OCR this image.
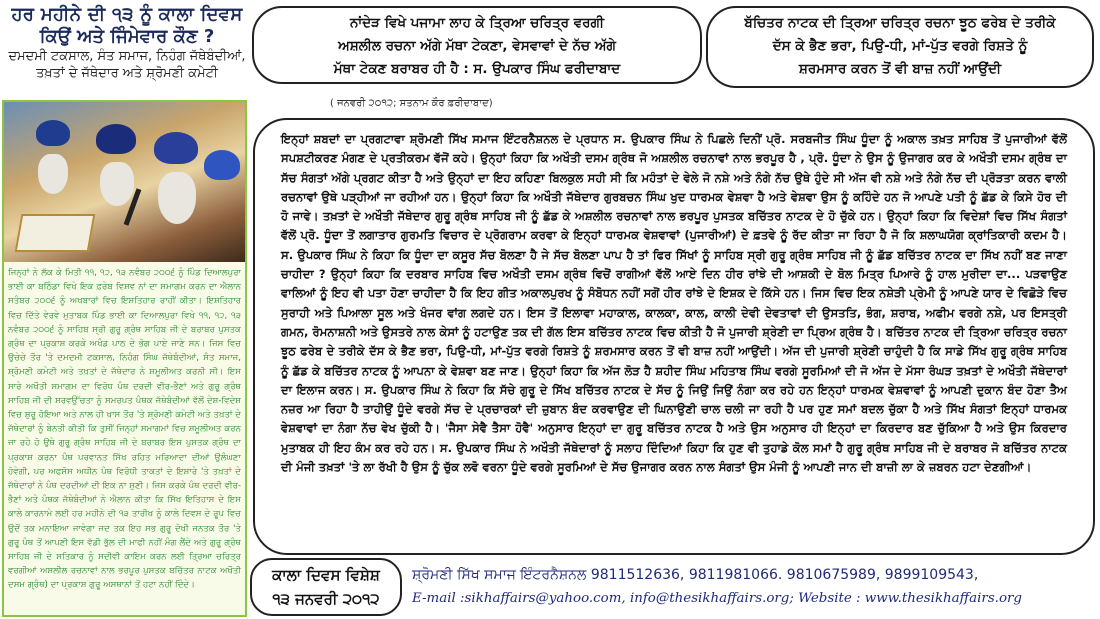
ਹਰ ਮਹੀਨੇ ਦੀ ੧੩ ਨੂੰ ਕਾਲਾ ਦਿਵਸ
ਕਿਉਂ ਅਤੇ ਜਿੰਮੇਵਾਰ ਕੌਣ ?
ਦਮਦਮੀ ਟਕਸਾਲ, ਸੰਤ ਸਮਾਜ, ਨਿਹੰਗ ਜੱਥੇਬੰਦੀਆਂ,
ਤਖ਼ਤਾਂ ਦੇ ਜੱਥੇਦਾਰ ਅਤੇ ਸ਼੍ਰੋਮਣੀ ਕਮੇਟੀ
ਜਿਨ੍ਹਾਂ ਨੇ ਲੱਕ ਕੇ ਮਿਤੀ ੧੧, ੧੨, ੧੩ ਨਵੰਬਰ ੨੦੦੬ ਨੂੰ ਪਿੰਡ ਦਿਆਲਪੁਰਾ ਭਾਈ ਕਾ ਬਠਿੰਡਾ ਵਿਖੇ ਇਕ ਫ਼ਰੇਬ ਵਿਸ਼ਵ ਨਾਂ ਦਾ ਸਮਾਗਮ ਕਰਨ ਦਾ ਐਲਾਨ ਸਤੰਬਰ ੨੦੦੬ ਨੂੰ ਅਖਬਾਰਾਂ ਵਿਚ ਇਸ਼ਤਿਹਾਰ ਰਾਹੀਂ ਕੀਤਾ। ਇਸ਼ਤਿਹਾਰ ਵਿਚ ਦਿੱਤੇ ਵੇਰਵੇ ਮੁਤਾਬਕ ਪਿੰਡ ਭਾਈ ਕਾ ਦਿਆਲਪੁਰਾ ਵਿਖੇ ੧੧, ੧੨, ੧੩ ਨਵੰਬਰ ੨੦੦੬ ਨੂੰ ਸਾਹਿਬ ਸ੍ਰੀ ਗੁਰੂ ਗ੍ਰੰਥ ਸਾਹਿਬ ਜੀ ਦੇ ਬਰਾਬਰ ਪੁਸਤਕ ਗ੍ਰੰਥ ਦਾ ਪ੍ਰਕਾਸ਼ ਕਰਕੇ ਅਖੰਡ ਪਾਠ ਦੇ ਭੋਗ ਪਾਏ ਜਾਣੇ ਸਨ। ਜਿਸ ਵਿਚ ਉਚੇਚੇ ਤੌਰ 'ਤੇ ਦਮਦਮੀ ਟਕਸਾਲ, ਨਿਹੰਗ ਸਿੰਘ ਜੱਥੇਬੰਦੀਆਂ, ਸੰਤ ਸਮਾਜ, ਸ਼੍ਰੋਮਣੀ ਕਮੇਟੀ ਅਤੇ ਤਖ਼ਤਾਂ ਦੇ ਜੱਥੇਦਾਰ ਨੇ ਸ਼ਮੂਲੀਅਤ ਕਰਨੀ ਸੀ। ਇਸ ਸਾਰੇ ਅਖੌਤੀ ਸਮਾਗਮ ਦਾ ਵਿਰੋਧ ਪੰਥ ਦਰਦੀ ਵੀਰ-ਭੈਣਾਂ ਅਤੇ ਗੁਰੂ ਗ੍ਰੰਥ ਸਾਹਿਬ ਜੀ ਦੀ ਸਰਵਉੱਚਤਾ ਨੂੰ ਸਮਰਪਤ ਪੰਥਕ ਜੱਥੇਬੰਦੀਆਂ ਵੱਲੋਂ ਦੇਸ਼-ਵਿਦੇਸ਼ ਵਿਚ ਸ਼ੁਰੂ ਹੋਇਆ ਅਤੇ ਨਾਲ ਹੀ ਖਾਸ ਤੌਰ 'ਤੇ ਸ਼੍ਰੋਮਣੀ ਕਮੇਟੀ ਅਤੇ ਤਖ਼ਤਾਂ ਦੇ ਜੱਥੇਦਾਰਾਂ ਨੂੰ ਬੇਨਤੀ ਕੀਤੀ ਕਿ ਤੁਸੀਂ ਜਿਨ੍ਹਾਂ ਸਮਾਗਮਾਂ ਵਿਚ ਸ਼ਮੂਲੀਅਤ ਕਰਨ ਜਾ ਰਹੇ ਹੋ ਉਥੇ ਗੁਰੂ ਗ੍ਰੰਥ ਸਾਹਿਬ ਜੀ ਦੇ ਬਰਾਬਰ ਇਸ ਪੁਸਤਕ ਗ੍ਰੰਥ ਦਾ ਪ੍ਰਕਾਸ਼ ਕਰਨਾ ਪੰਥ ਪਰਵਾਨਤ ਸਿੱਖ ਰਹਿਤ ਮਰਿਆਦਾ ਦੀਆਂ ਉਲੰਘਣਾ ਹੋਵੇਗੀ, ਪਰ ਅਫਸੋਸ ਅਧੀਨ ਪੰਥ ਵਿਰੋਧੀ ਤਾਕਤਾਂ ਦੇ ਇਸ਼ਾਰੇ 'ਤੇ ਤਖ਼ਤਾਂ ਦੇ ਜੱਥੇਦਾਰਾਂ ਨੇ ਪੰਥ ਦਰਦੀਆਂ ਦੀ ਇਕ ਨਾ ਸੁਣੀ। ਜਿਸ ਕਰਕੇ ਪੰਥ ਦਰਦੀ ਵੀਰ-ਭੈਣਾਂ ਅਤੇ ਪੰਥਕ ਜੱਥੇਬੰਦੀਆਂ ਨੇ ਐਲਾਨ ਕੀਤਾ ਕਿ ਸਿੱਖ ਇਤਿਹਾਸ ਦੇ ਇਸ ਕਾਲੇ ਕਾਰਨਾਮੇ ਲਈ ਹਰ ਮਹੀਨੇ ਦੀ ੧੩ ਤਾਰੀਖ ਨੂੰ ਕਾਲੇ ਦਿਵਸ ਦੇ ਰੂਪ ਵਿਚ ਉਦੋਂ ਤਕ ਮਨਾਇਆ ਜਾਵੇਗਾ ਜਦ ਤਕ ਇਹ ਸਭ ਗੁਰੂ ਦੋਖੀ ਜਨਤਕ ਤੌਰ 'ਤੇ ਗੁਰੂ ਪੰਥ ਤੋਂ ਆਪਣੀ ਇਸ ਵੱਡੀ ਭੁੱਲ ਦੀ ਮਾਫੀ ਨਹੀਂ ਮੰਗ ਲੈਂਦੇ ਅਤੇ ਗੁਰੂ ਗ੍ਰੰਥ ਸਾਹਿਬ ਜੀ ਦੇ ਸਤਿਕਾਰ ਨੂੰ ਸਦੀਵੀ ਕਾਇਮ ਕਰਨ ਲਈ ਤ੍ਰਿਆ ਚਰਿਤ੍ਰ ਵਰਗੀਆਂ ਅਸ਼ਲੀਲ ਰਚਨਾਵਾਂ ਨਾਲ ਭਰਪੂਰ ਪੁਸਤਕ ਬਚਿੱਤਰ ਨਾਟਕ ਅਖੌਤੀ ਦਸਮ ਗ੍ਰੰਥ) ਦਾ ਪ੍ਰਕਾਸ਼ ਗੁਰੂ ਅਸਥਾਨਾਂ ਤੋਂ ਹਟਾ ਨਹੀਂ ਦਿੰਦੇ।
ਨਾਂਦੇੜ ਵਿਖੇ ਪਜਾਮਾ ਲਾਹ ਕੇ ਤ੍ਰਿਆ ਚਰਿਤ੍ਰ ਵਰਗੀ
ਅਸ਼ਲੀਲ ਰਚਨਾ ਅੱਗੇ ਮੱਥਾ ਟੇਕਣਾ, ਵੇਸਵਾਵਾਂ ਦੇ ਨੱਚ ਅੱਗੇ
ਮੱਥਾ ਟੇਕਣ ਬਰਾਬਰ ਹੀ ਹੈ : ਸ. ਉਪਕਾਰ ਸਿੰਘ ਫਰੀਦਾਬਾਦ
ਬੱਚਿਤਰ ਨਾਟਕ ਦੀ ਤ੍ਰਿਆ ਚਰਿਤ੍ਰ ਰਚਨਾ ਝੂਠ ਫਰੇਬ ਦੇ ਤਰੀਕੇ
ਦੱਸ ਕੇ ਭੈਣ ਭਰਾ, ਪਿਉ-ਧੀ, ਮਾਂ-ਪੁੱਤ ਵਰਗੇ ਰਿਸ਼ਤੇ ਨੂੰ
ਸ਼ਰਮਸਾਰ ਕਰਨ ਤੋਂ ਵੀ ਬਾਜ਼ ਨਹੀਂ ਆਉਂਦੀ
( ਜਨਵਰੀ ੨੦੧੨; ਸਤਨਾਮ ਕੌਰ ਫ਼ਰੀਦਾਬਾਦ)
ਇਨ੍ਹਾਂ ਸ਼ਬਦਾਂ ਦਾ ਪ੍ਰਗਟਾਵਾ ਸ਼੍ਰੋਮਣੀ ਸਿੱਖ ਸਮਾਜ ਇੰਟਰਨੈਸ਼ਨਲ ਦੇ ਪ੍ਰਧਾਨ ਸ. ਉਪਕਾਰ ਸਿੰਘ ਨੇ ਪਿਛਲੇ ਦਿਨੀਂ ਪ੍ਰੋ. ਸਰਬਜੀਤ ਸਿੰਘ ਧੂੰਦਾ ਨੂੰ ਅਕਾਲ ਤਖ਼ਤ ਸਾਹਿਬ ਤੋਂ ਪੁਜਾਰੀਆਂ ਵੱਲੋਂ ਸਪਸ਼ਟੀਕਰਣ ਮੰਗਣ ਦੇ ਪ੍ਰਤੀਕਰਮ ਵੱਜੋਂ ਕਹੇ। ਉਨ੍ਹਾਂ ਕਿਹਾ ਕਿ ਅਖੌਤੀ ਦਸਮ ਗ੍ਰੰਥ ਜੋ ਅਸ਼ਲੀਲ ਰਚਨਾਵਾਂ ਨਾਲ ਭਰਪੂਰ ਹੈ , ਪ੍ਰੋ. ਧੂੰਦਾ ਨੇ ਉਸ ਨੂੰ ਉਜਾਗਰ ਕਰ ਕੇ ਅਖੌਤੀ ਦਸਮ ਗ੍ਰੰਥ ਦਾ ਸੱਚ ਸੰਗਤਾਂ ਅੱਗੇ ਪ੍ਰਗਟ ਕੀਤਾ ਹੈ ਅਤੇ ਉਨ੍ਹਾਂ ਦਾ ਇਹ ਕਹਿਣਾ ਬਿਲਕੁਲ ਸਹੀ ਸੀ ਕਿ ਮਹੰਤਾਂ ਦੇ ਵੇਲੇ ਜੋ ਨਸ਼ੇ ਅਤੇ ਨੰਗੇ ਨੱਚ ਉਥੇ ਹੁੰਦੇ ਸੀ ਅੱਜ ਵੀ ਨਸ਼ੇ ਅਤੇ ਨੰਗੇ ਨੱਚ ਦੀ ਪ੍ਰੋੜਤਾ ਕਰਨ ਵਾਲੀ ਰਚਨਾਵਾਂ ਉਥੇ ਪੜ੍ਹੀਆਂ ਜਾ ਰਹੀਆਂ ਹਨ। ਉਨ੍ਹਾਂ ਕਿਹਾ ਕਿ ਅਖੌਤੀ ਜੱਥੇਦਾਰ ਗੁਰਬਚਨ ਸਿੰਘ ਖੁਦ ਧਾਰਮਕ ਵੇਸ਼ਵਾ ਹੈ ਅਤੇ ਵੇਸ਼ਵਾ ਉਸ ਨੂੰ ਕਹਿੰਦੇ ਹਨ ਜੋ ਆਪਣੇ ਪਤੀ ਨੂੰ ਛੱਡ ਕੇ ਕਿਸੇ ਹੋਰ ਦੀ ਹੋ ਜਾਵੇ। ਤਖ਼ਤਾਂ ਦੇ ਅਖੌਤੀ ਜੱਥੇਦਾਰ ਗੁਰੂ ਗ੍ਰੰਥ ਸਾਹਿਬ ਜੀ ਨੂੰ ਛੱਡ ਕੇ ਅਸ਼ਲੀਲ ਰਚਨਾਵਾਂ ਨਾਲ ਭਰਪੂਰ ਪੁਸਤਕ ਬਚਿੱਤਰ ਨਾਟਕ ਦੇ ਹੋ ਚੁੱਕੇ ਹਨ। ਉਨ੍ਹਾਂ ਕਿਹਾ ਕਿ ਵਿਦੇਸ਼ਾਂ ਵਿਚ ਸਿੱਖ ਸੰਗਤਾਂ ਵੱਲੋਂ ਪ੍ਰੋ. ਧੂੰਦਾ ਤੋਂ ਲਗਾਤਾਰ ਗੁਰਮਤਿ ਵਿਚਾਰ ਦੇ ਪ੍ਰੋਗਰਾਮ ਕਰਵਾ ਕੇ ਇਨ੍ਹਾਂ ਧਾਰਮਕ ਵੇਸ਼ਵਾਵਾਂ (ਪੁਜਾਰੀਆਂ) ਦੇ ਫ਼ਤਵੇ ਨੂੰ ਰੱਦ ਕੀਤਾ ਜਾ ਰਿਹਾ ਹੈ ਜੋ ਕਿ ਸ਼ਲਾਘਯੋਗ ਕ੍ਰਾਂਤਿਕਾਰੀ ਕਦਮ ਹੈ। ਸ. ਉਪਕਾਰ ਸਿੰਘ ਨੇ ਕਿਹਾ ਕਿ ਧੂੰਦਾ ਦਾ ਕਸੂਰ ਸੱਚ ਬੋਲਣਾ ਹੈ ਜੇ ਸੱਚ ਬੋਲਣਾ ਪਾਪ ਹੈ ਤਾਂ ਫਿਰ ਸਿੱਖਾਂ ਨੂੰ ਸਾਹਿਬ ਸ੍ਰੀ ਗੁਰੂ ਗ੍ਰੰਥ ਸਾਹਿਬ ਜੀ ਨੂੰ ਛੱਡ ਬਚਿੱਤਰ ਨਾਟਕ ਦਾ ਸਿੱਖ ਨਹੀਂ ਬਣ ਜਾਣਾ ਚਾਹੀਦਾ ? ਉਨ੍ਹਾਂ ਕਿਹਾ ਕਿ ਦਰਬਾਰ ਸਾਹਿਬ ਵਿਚ ਅਖੌਤੀ ਦਸਮ ਗ੍ਰੰਥ ਵਿਚੋਂ ਰਾਗੀਆਂ ਵੱਲੋਂ ਆਏ ਦਿਨ ਹੀਰ ਰਾਂਝੇ ਦੀ ਆਸ਼ਕੀ ਦੇ ਬੋਲ ਮਿਤ੍ਰ ਪਿਆਰੇ ਨੂੰ ਹਾਲ ਮੁਰੀਦਾ ਦਾ... ਪੜਵਾਉਣ ਵਾਲਿਆਂ ਨੂੰ ਇਹ ਵੀ ਪਤਾ ਹੋਣਾ ਚਾਹੀਦਾ ਹੈ ਕਿ ਇਹ ਗੀਤ ਅਕਾਲਪੁਰਖ ਨੂੰ ਸੰਬੋਧਨ ਨਹੀਂ ਸਗੋਂ ਹੀਰ ਰਾਂਝੇ ਦੇ ਇਸ਼ਕ ਦੇ ਕਿੱਸੇ ਹਨ। ਜਿਸ ਵਿਚ ਇਕ ਨਸ਼ੇੜੀ ਪ੍ਰੇਮੀ ਨੂੰ ਆਪਣੇ ਯਾਰ ਦੇ ਵਿਛੋੜੇ ਵਿਚ ਸੁਰਾਹੀ ਅਤੇ ਪਿਆਲਾ ਸੂਲ ਅਤੇ ਖੰਜਰ ਵਾਂਗ ਲਗਦੇ ਹਨ। ਇਸ ਤੋਂ ਇਲਾਵਾ ਮਹਾਕਾਲ, ਕਾਲਕਾ, ਕਾਲ, ਕਾਲੀ ਦੇਵੀ ਦੇਵਤਾਵਾਂ ਦੀ ਉਸਤਤਿ, ਭੰਗ, ਸ਼ਰਾਬ, ਅਫੀਮ ਵਰਗੇ ਨਸ਼ੇ, ਪਰ ਇਸਤ੍ਰੀ ਗਮਨ, ਰੋਮਨਾਸ਼ਨੀ ਅਤੇ ਉਸਤਰੇ ਨਾਲ ਕੇਸਾਂ ਨੂੰ ਹਟਾਉਣ ਤਕ ਦੀ ਗੱਲ ਇਸ ਬਚਿੱਤਰ ਨਾਟਕ ਵਿਚ ਕੀਤੀ ਹੈ ਜੋ ਪੁਜਾਰੀ ਸ਼੍ਰੇਣੀ ਦਾ ਪ੍ਰਿਅ ਗ੍ਰੰਥ ਹੈ। ਬਚਿੱਤਰ ਨਾਟਕ ਦੀ ਤ੍ਰਿਆ ਚਰਿਤ੍ਰ ਰਚਨਾ ਝੂਠ ਫਰੇਬ ਦੇ ਤਰੀਕੇ ਦੱਸ ਕੇ ਭੈਣ ਭਰਾ, ਪਿਉ-ਧੀ, ਮਾਂ-ਪੁੱਤ ਵਰਗੇ ਰਿਸ਼ਤੇ ਨੂੰ ਸ਼ਰਮਸਾਰ ਕਰਨ ਤੋਂ ਵੀ ਬਾਜ਼ ਨਹੀਂ ਆਉਂਦੀ। ਅੱਜ ਦੀ ਪੁਜਾਰੀ ਸ਼੍ਰੇਣੀ ਚਾਹੁੰਦੀ ਹੈ ਕਿ ਸਾਡੇ ਸਿੱਖ ਗੁਰੂ ਗ੍ਰੰਥ ਸਾਹਿਬ ਨੂੰ ਛੱਡ ਕੇ ਬਚਿੱਤਰ ਨਾਟਕ ਨੂੰ ਆਪਨਾ ਕੇ ਵੇਸ਼ਵਾ ਬਣ ਜਾਣ। ਉਨ੍ਹਾਂ ਕਿਹਾ ਕਿ ਅੱਜ ਲੋੜ ਹੈ ਸ਼ਹੀਦ ਸਿੰਘ ਮਹਿਤਾਬ ਸਿੰਘ ਵਰਗੇ ਸੂਰਮਿਆਂ ਦੀ ਜੋ ਅੱਜ ਦੇ ਮੱਸਾ ਰੰਘੜ ਤਖ਼ਤਾਂ ਦੇ ਅਖੌਤੀ ਜੱਥੇਦਾਰਾਂ ਦਾ ਇਲਾਜ ਕਰਨ। ਸ. ਉਪਕਾਰ ਸਿੰਘ ਨੇ ਕਿਹਾ ਕਿ ਸੱਚੇ ਗੁਰੂ ਦੇ ਸਿੱਖ ਬਚਿੱਤਰ ਨਾਟਕ ਦੇ ਸੱਚ ਨੂੰ ਜਿਉਂ ਜਿਉਂ ਨੰਗਾ ਕਰ ਰਹੇ ਹਨ ਇਨ੍ਹਾਂ ਧਾਰਮਕ ਵੇਸ਼ਵਾਵਾਂ ਨੂੰ ਆਪਣੀ ਦੁਕਾਨ ਬੰਦ ਹੋਣਾ ਤੈਅ ਨਜ਼ਰ ਆ ਰਿਹਾ ਹੈ ਤਾਹੀਉਂ ਧੂੰਦੇ ਵਰਗੇ ਸੱਚ ਦੇ ਪ੍ਰਚਾਰਕਾਂ ਦੀ ਜ਼ੁਬਾਨ ਬੰਦ ਕਰਵਾਉਣ ਦੀ ਘਿਨਾਉਣੀ ਚਾਲ ਚਲੀ ਜਾ ਰਹੀ ਹੈ ਪਰ ਹੁਣ ਸਮਾਂ ਬਦਲ ਚੁੱਕਾ ਹੈ ਅਤੇ ਸਿੱਖ ਸੰਗਤਾਂ ਇਨ੍ਹਾਂ ਧਾਰਮਕ ਵੇਸ਼ਵਾਵਾਂ ਦਾ ਨੰਗਾ ਨੱਚ ਵੇਖ ਚੁੱਕੀ ਹੈ। 'ਜੈਸਾ ਸੇਵੈ ਤੈਸਾ ਹੋਵੈ' ਅਨੁਸਾਰ ਇਨ੍ਹਾਂ ਦਾ ਗੁਰੂ ਬਚਿੱਤਰ ਨਾਟਕ ਹੈ ਅਤੇ ਉਸ ਅਨੁਸਾਰ ਹੀ ਇਨ੍ਹਾਂ ਦਾ ਕਿਰਦਾਰ ਬਣ ਚੁੱਕਿਆ ਹੈ ਅਤੇ ਉਸ ਕਿਰਦਾਰ ਮੁਤਾਬਕ ਹੀ ਇਹ ਕੰਮ ਕਰ ਰਹੇ ਹਨ। ਸ. ਉਪਕਾਰ ਸਿੰਘ ਨੇ ਅਖੌਤੀ ਜੱਥੇਦਾਰਾਂ ਨੂੰ ਸਲਾਹ ਦਿੰਦਿਆਂ ਕਿਹਾ ਕਿ ਹੁਣ ਵੀ ਤੁਹਾਡੇ ਕੋਲ ਸਮਾਂ ਹੈ ਗੁਰੂ ਗ੍ਰੰਥ ਸਾਹਿਬ ਜੀ ਦੇ ਬਰਾਬਰ ਜੋ ਬਚਿੱਤਰ ਨਾਟਕ ਦੀ ਮੰਜੀ ਤਖ਼ਤਾਂ 'ਤੇ ਲਾ ਰੱਖੀ ਹੈ ਉਸ ਨੂੰ ਚੁੱਕ ਲਵੋ ਵਰਨਾ ਧੂੰਦੇ ਵਰਗੇ ਸੂਰਮਿਆਂ ਦੇ ਸੱਚ ਉਜਾਗਰ ਕਰਨ ਨਾਲ ਸੰਗਤਾਂ ਉਸ ਮੰਜੀ ਨੂੰ ਆਪਣੀ ਜਾਨ ਦੀ ਬਾਜ਼ੀ ਲਾ ਕੇ ਜ਼ਬਰਨ ਹਟਾ ਦੇਣਗੀਆਂ।
ਕਾਲਾ ਦਿਵਸ ਵਿਸ਼ੇਸ਼
੧੩ ਜਨਵਰੀ ੨੦੧੨
ਸ਼੍ਰੋਮਣੀ ਸਿੱਖ ਸਮਾਜ ਇੰਟਰਨੈਸ਼ਨਲ 9811512636, 9811981066. 9810675989, 9899109543,
E-mail :sikhaffairs@yahoo.com, info@thesikhaffairs.org; Website : www.thesikhaffairs.org
